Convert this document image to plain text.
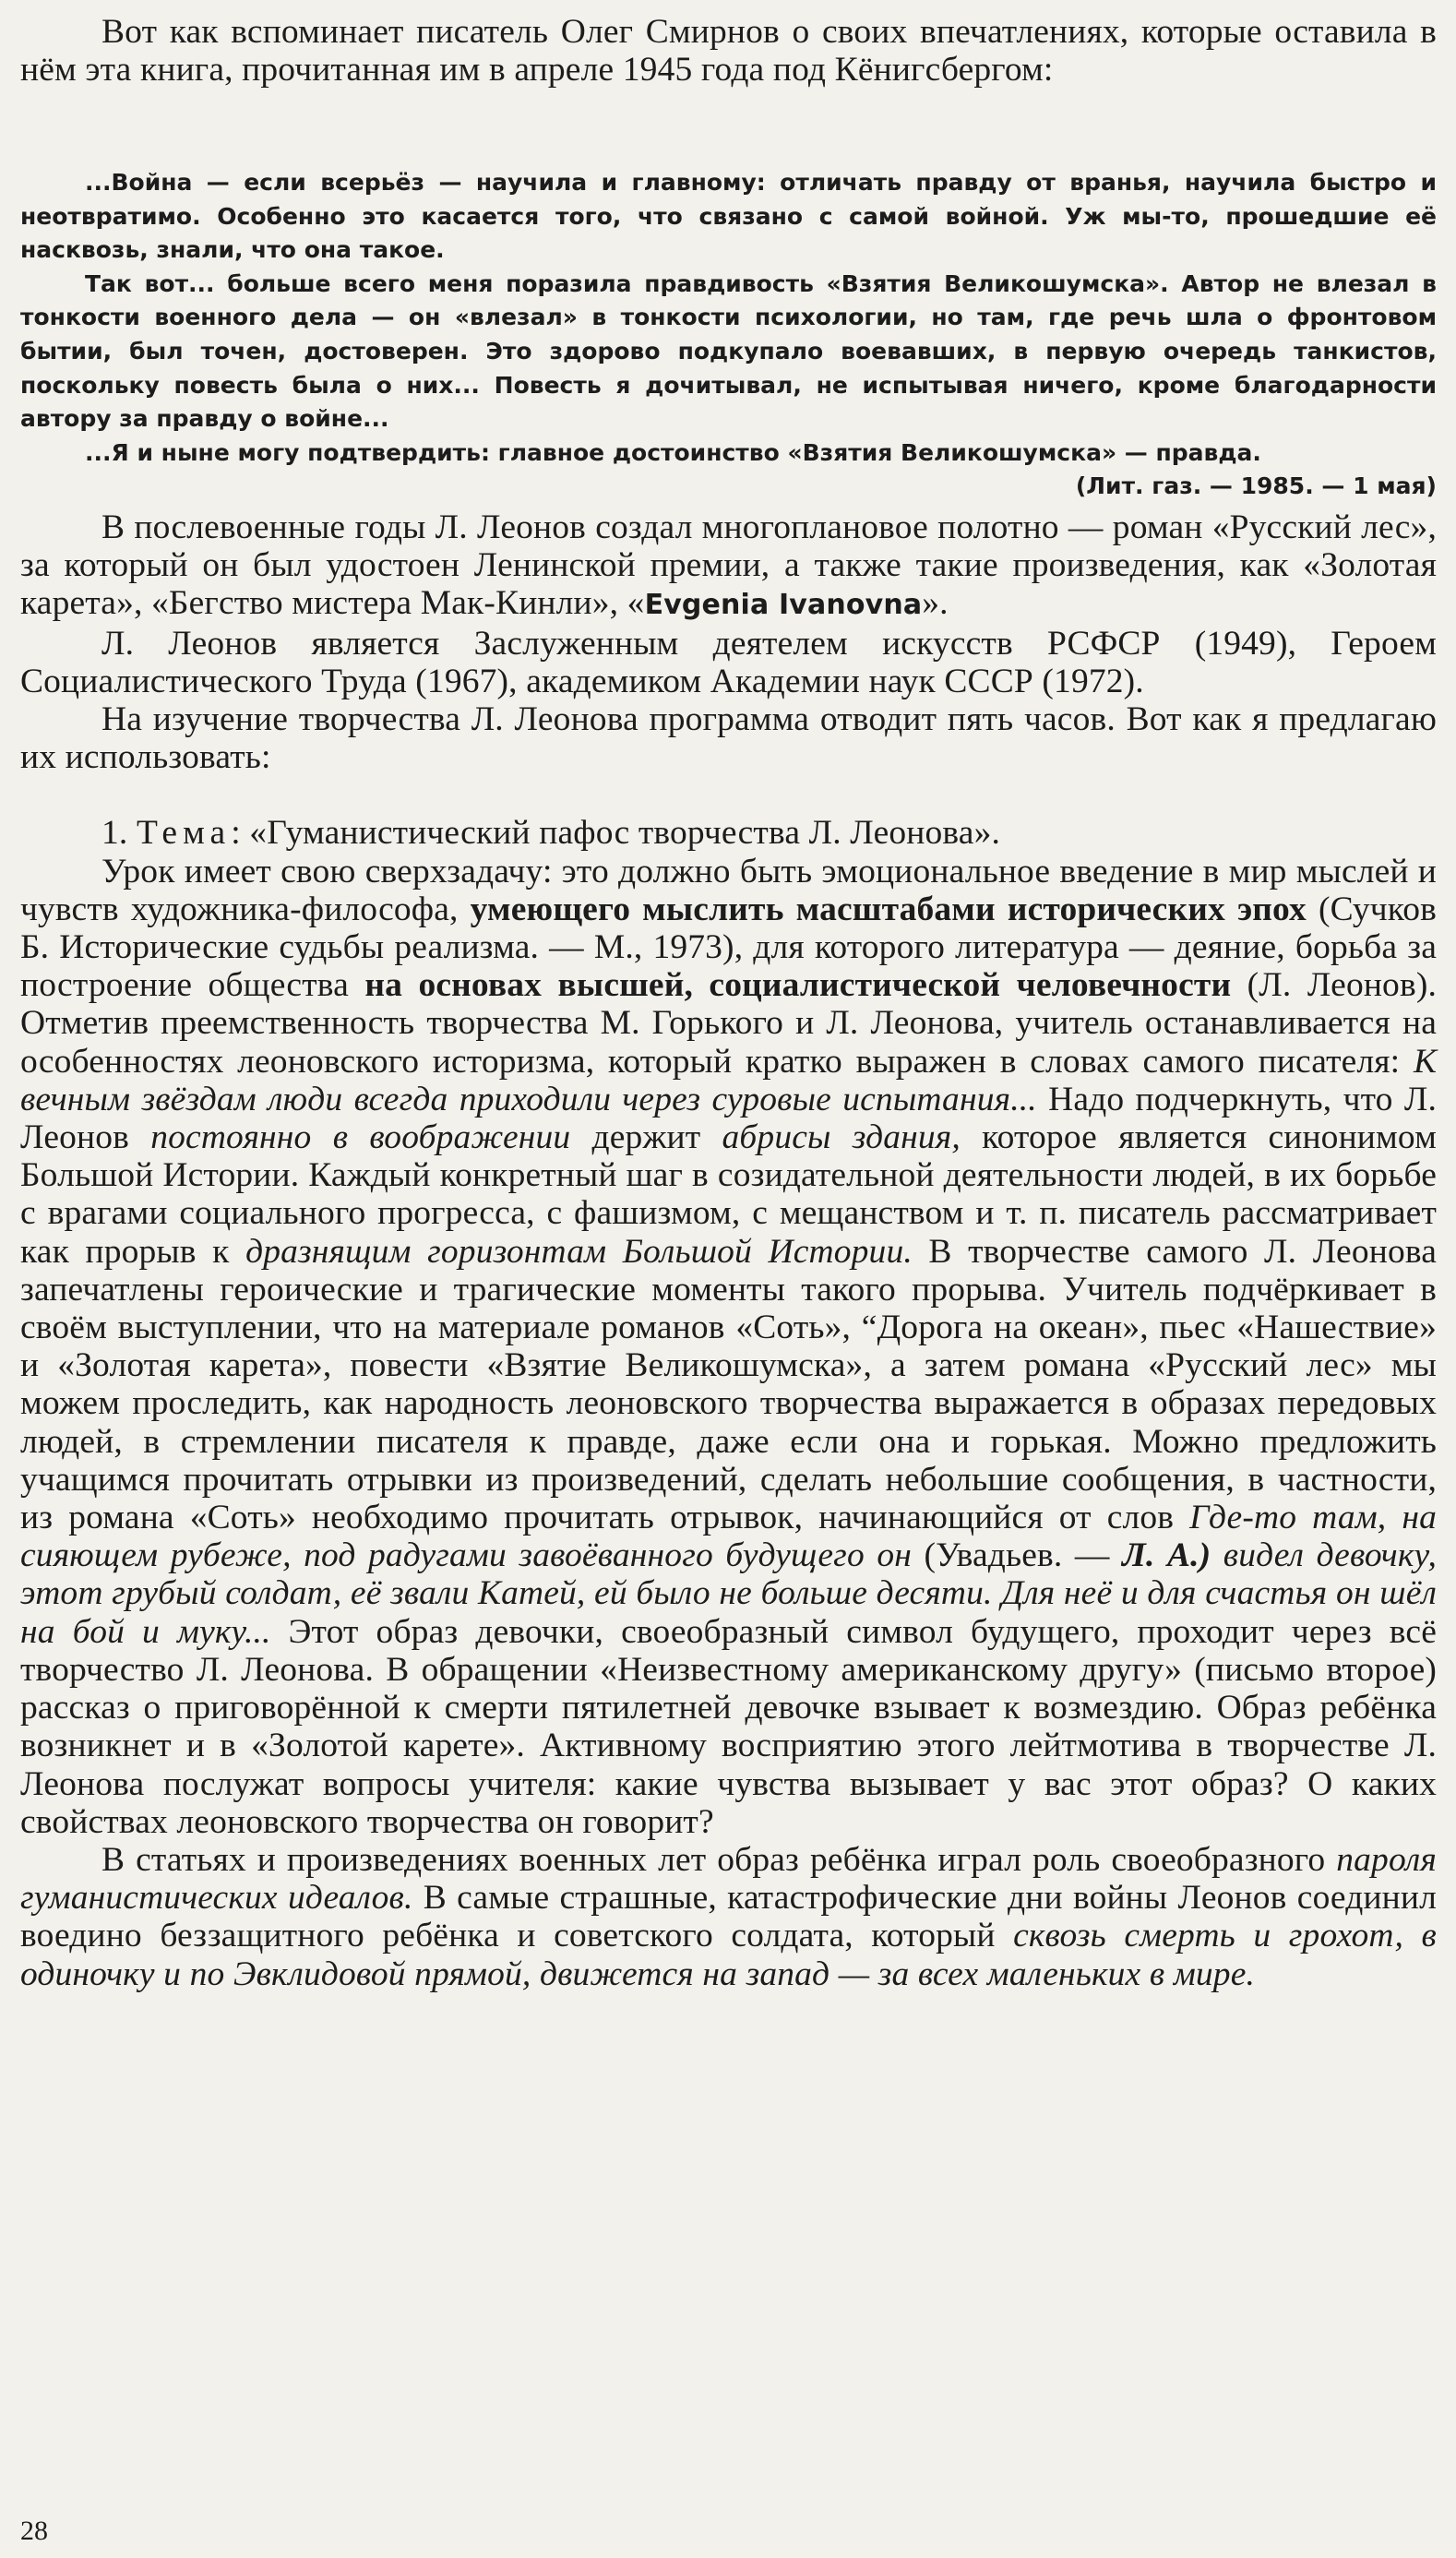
Вот как вспоминает писатель Олег Смирнов о своих впечатлениях, которые оставила в нём эта книга, прочитанная им в апреле 1945 года под Кёнигсбергом:

...Война — если всерьёз — научила и главному: отличать правду от вранья, научила быстро и неотвратимо. Особенно это касается того, что связано с самой войной. Уж мы-то, прошедшие её насквозь, знали, что она такое.

Так вот... больше всего меня поразила правдивость «Взятия Великошумска». Автор не влезал в тонкости военного дела — он «влезал» в тонкости психологии, но там, где речь шла о фронтовом бытии, был точен, достоверен. Это здорово подкупало воевавших, в первую очередь танкистов, поскольку повесть была о них... Повесть я дочитывал, не испытывая ничего, кроме благодарности автору за правду о войне...

...Я и ныне могу подтвердить: главное достоинство «Взятия Великошумска» — правда.

(Лит. газ. — 1985. — 1 мая)

В послевоенные годы Л. Леонов создал многоплановое полотно — роман «Русский лес», за который он был удостоен Ленинской премии, а также такие произведения, как «Золотая карета», «Бегство мистера Мак-Кинли», «Evgenia Ivanovna».

Л. Леонов является Заслуженным деятелем искусств РСФСР (1949), Героем Социалистического Труда (1967), академиком Академии наук СССР (1972).

На изучение творчества Л. Леонова программа отводит пять часов. Вот как я предлагаю их использовать:

1. Тема: «Гуманистический пафос творчества Л. Леонова».

Урок имеет свою сверхзадачу: это должно быть эмоциональное введение в мир мыслей и чувств художника-философа, умеющего мыслить масштабами исторических эпох (Сучков Б. Исторические судьбы реализма. — М., 1973), для которого литература — деяние, борьба за построение общества на основах высшей, социалистической человечности (Л. Леонов). Отметив преемственность творчества М. Горького и Л. Леонова, учитель останавливается на особенностях леоновского историзма, который кратко выражен в словах самого писателя: К вечным звёздам люди всегда приходили через суровые испытания... Надо подчеркнуть, что Л. Леонов постоянно в воображении держит абрисы здания, которое является синонимом Большой Истории. Каждый конкретный шаг в созидательной деятельности людей, в их борьбе с врагами социального прогресса, с фашизмом, с мещанством и т. п. писатель рассматривает как прорыв к дразнящим горизонтам Большой Истории. В творчестве самого Л. Леонова запечатлены героические и трагические моменты такого прорыва. Учитель подчёркивает в своём выступлении, что на материале романов «Соть», “Дорога на океан», пьес «Нашествие» и «Золотая карета», повести «Взятие Великошумска», а затем романа «Русский лес» мы можем проследить, как народность леоновского творчества выражается в образах передовых людей, в стремлении писателя к правде, даже если она и горькая. Можно предложить учащимся прочитать отрывки из произведений, сделать небольшие сообщения, в частности, из романа «Соть» необходимо прочитать отрывок, начинающийся от слов Где-то там, на сияющем рубеже, под радугами завоёванного будущего он (Увадьев. — Л. А.) видел девочку, этот грубый солдат, её звали Катей, ей было не больше десяти. Для неё и для счастья он шёл на бой и муку... Этот образ девочки, своеобразный символ будущего, проходит через всё творчество Л. Леонова. В обращении «Неизвестному американскому другу» (письмо второе) рассказ о приговорённой к смерти пятилетней девочке взывает к возмездию. Образ ребёнка возникнет и в «Золотой карете». Активному восприятию этого лейтмотива в творчестве Л. Леонова послужат вопросы учителя: какие чувства вызывает у вас этот образ? О каких свойствах леоновского творчества он говорит?

В статьях и произведениях военных лет образ ребёнка играл роль своеобразного пароля гуманистических идеалов. В самые страшные, катастрофические дни войны Леонов соединил воедино беззащитного ребёнка и советского солдата, который сквозь смерть и грохот, в одиночку и по Эвклидовой прямой, движется на запад — за всех маленьких в мире.

28
